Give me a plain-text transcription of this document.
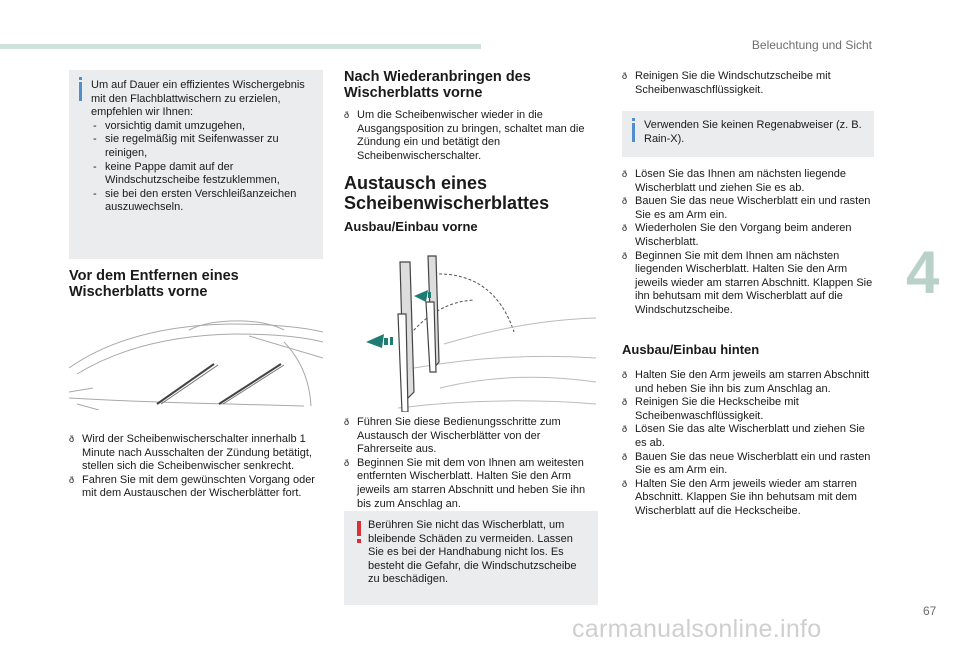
Beleuchtung und Sicht
4
Um auf Dauer ein effizientes Wischergebnis mit den Flachblattwischern zu erzielen, empfehlen wir Ihnen:
- vorsichtig damit umzugehen,
- sie regelmäßig mit Seifenwasser zu reinigen,
- keine Pappe damit auf der Windschutzscheibe festzuklemmen,
- sie bei den ersten Verschleißanzeichen auszuwechseln.
Vor dem Entfernen eines Wischerblatts vorne
ð Wird der Scheibenwischerschalter innerhalb 1 Minute nach Ausschalten der Zündung betätigt, stellen sich die Scheibenwischer senkrecht.
ð Fahren Sie mit dem gewünschten Vorgang oder mit dem Austauschen der Wischerblätter fort.
Nach Wiederanbringen des Wischerblatts vorne
ð Um die Scheibenwischer wieder in die Ausgangsposition zu bringen, schaltet man die Zündung ein und betätigt den Scheibenwischerschalter.
Austausch eines Scheibenwischerblattes
Ausbau/Einbau vorne
ð Führen Sie diese Bedienungsschritte zum Austausch der Wischerblätter von der Fahrerseite aus.
ð Beginnen Sie mit dem von Ihnen am weitesten entfernten Wischerblatt. Halten Sie den Arm jeweils am starren Abschnitt und heben Sie ihn bis zum Anschlag an.
Berühren Sie nicht das Wischerblatt, um bleibende Schäden zu vermeiden. Lassen Sie es bei der Handhabung nicht los. Es besteht die Gefahr, die Windschutzscheibe zu beschädigen.
ð Reinigen Sie die Windschutzscheibe mit Scheibenwaschflüssigkeit.
Verwenden Sie keinen Regenabweiser (z. B. Rain-X).
ð Lösen Sie das Ihnen am nächsten liegende Wischerblatt und ziehen Sie es ab.
ð Bauen Sie das neue Wischerblatt ein und rasten Sie es am Arm ein.
ð Wiederholen Sie den Vorgang beim anderen Wischerblatt.
ð Beginnen Sie mit dem Ihnen am nächsten liegenden Wischerblatt. Halten Sie den Arm jeweils wieder am starren Abschnitt. Klappen Sie ihn behutsam mit dem Wischerblatt auf die Windschutzscheibe.
Ausbau/Einbau hinten
ð Halten Sie den Arm jeweils am starren Abschnitt und heben Sie ihn bis zum Anschlag an.
ð Reinigen Sie die Heckscheibe mit Scheibenwaschflüssigkeit.
ð Lösen Sie das alte Wischerblatt und ziehen Sie es ab.
ð Bauen Sie das neue Wischerblatt ein und rasten Sie es am Arm ein.
ð Halten Sie den Arm jeweils wieder am starren Abschnitt. Klappen Sie ihn behutsam mit dem Wischerblatt auf die Heckscheibe.
67
carmanualsonline.info
